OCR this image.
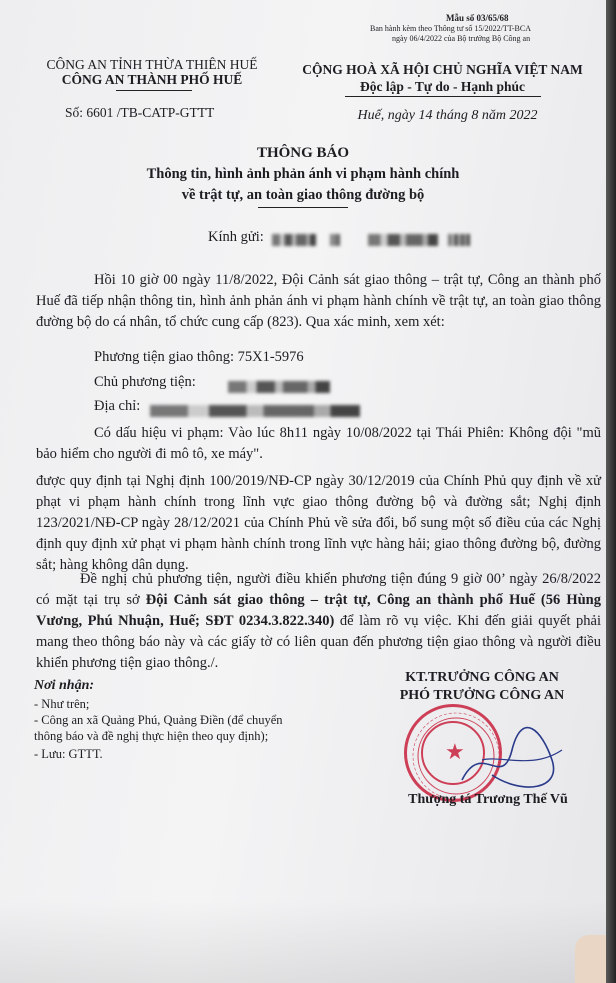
Mẫu số 03/65/68
Ban hành kèm theo Thông tư số 15/2022/TT-BCA
ngày 06/4/2022 của Bộ trưởng Bộ Công an
CÔNG AN TỈNH THỪA THIÊN HUẾ
CÔNG AN THÀNH PHỐ HUẾ
Số: 6601 /TB-CATP-GTTT
CỘNG HOÀ XÃ HỘI CHỦ NGHĨA VIỆT NAM
Độc lập - Tự do - Hạnh phúc
Huế, ngày 14 tháng 8 năm 2022
THÔNG BÁO
Thông tin, hình ảnh phản ánh vi phạm hành chính
về trật tự, an toàn giao thông đường bộ
Kính gửi:

Hồi 10 giờ 00 ngày 11/8/2022, Đội Cảnh sát giao thông – trật tự, Công an thành phố Huế đã tiếp nhận thông tin, hình ảnh phản ánh vi phạm hành chính về trật tự, an toàn giao thông đường bộ do cá nhân, tổ chức cung cấp (823). Qua xác minh, xem xét:
Phương tiện giao thông: 75X1-5976
Chủ phương tiện:
Địa chỉ:
Có dấu hiệu vi phạm: Vào lúc 8h11 ngày 10/08/2022 tại Thái Phiên: Không đội "mũ bảo hiểm cho người đi mô tô, xe máy".
được quy định tại Nghị định 100/2019/NĐ-CP ngày 30/12/2019 của Chính Phủ quy định về xử phạt vi phạm hành chính trong lĩnh vực giao thông đường bộ và đường sắt; Nghị định 123/2021/NĐ-CP ngày 28/12/2021 của Chính Phủ về sửa đổi, bổ sung một số điều của các Nghị định quy định xử phạt vi phạm hành chính trong lĩnh vực hàng hải; giao thông đường bộ, đường sắt; hàng không dân dụng.
Đề nghị chủ phương tiện, người điều khiển phương tiện đúng 9 giờ 00’ ngày 26/8/2022 có mặt tại trụ sở Đội Cảnh sát giao thông – trật tự, Công an thành phố Huế (56 Hùng Vương, Phú Nhuận, Huế; SĐT 0234.3.822.340) để làm rõ vụ việc. Khi đến giải quyết phải mang theo thông báo này và các giấy tờ có liên quan đến phương tiện giao thông và người điều khiển phương tiện giao thông./.
Nơi nhận:
- Như trên;
- Công an xã Quảng Phú, Quảng Điền (để chuyển
thông báo và đề nghị thực hiện theo quy định);
- Lưu: GTTT.
KT.TRƯỞNG CÔNG AN
PHÓ TRƯỞNG CÔNG AN
★
Thượng tá Trương Thế Vũ
